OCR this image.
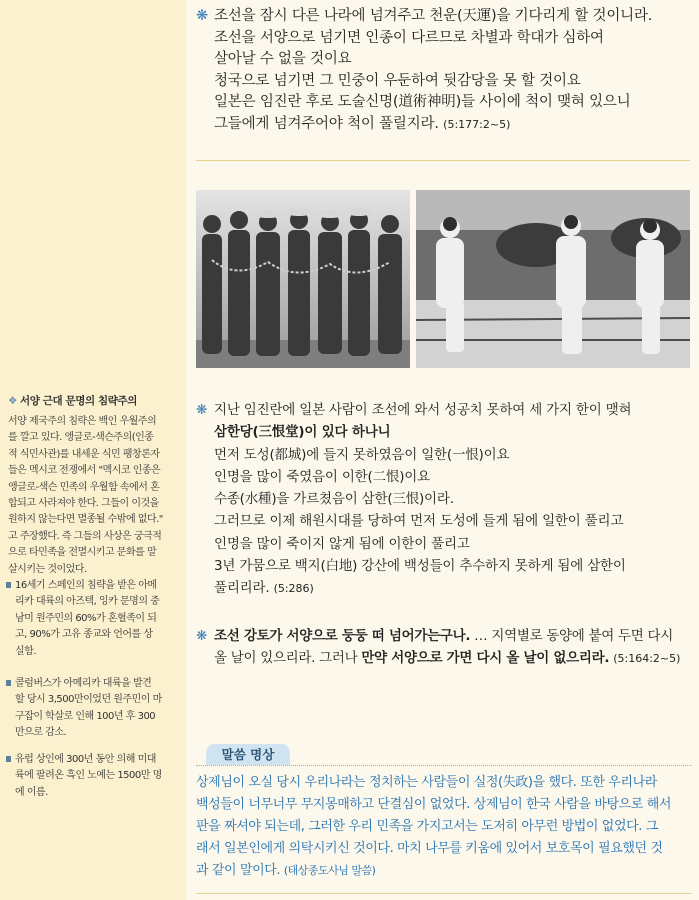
❋ 조선을 잠시 다른 나라에 넘겨주고 천운(天運)을 기다리게 할 것이니라.
조선을 서양으로 넘기면 인종이 다르므로 차별과 학대가 심하여
살아날 수 없을 것이요
청국으로 넘기면 그 민중이 우둔하여 뒷감당을 못 할 것이요
일본은 임진란 후로 도술신명(道術神明)들 사이에 척이 맺혀 있으니
그들에게 넘겨주어야 척이 풀릴지라. (5:177:2~5)
❋ 지난 임진란에 일본 사람이 조선에 와서 성공치 못하여 세 가지 한이 맺혀
삼한당(三恨堂)이 있다 하나니
먼저 도성(都城)에 들지 못하였음이 일한(一恨)이요
인명을 많이 죽였음이 이한(二恨)이요
수종(水種)을 가르쳤음이 삼한(三恨)이라.
그러므로 이제 해원시대를 당하여 먼저 도성에 들게 됨에 일한이 풀리고
인명을 많이 죽이지 않게 됨에 이한이 풀리고
3년 가뭄으로 백지(白地) 강산에 백성들이 추수하지 못하게 됨에 삼한이
풀리리라. (5:286)
❋ 조선 강토가 서양으로 둥둥 떠 넘어가는구나. … 지역별로 동양에 붙여 두면 다시
올 날이 있으리라. 그러나 만약 서양으로 가면 다시 올 날이 없으리라. (5:164:2~5)
말씀 명상
상제님이 오실 당시 우리나라는 정치하는 사람들이 실정(失政)을 했다. 또한 우리나라
백성들이 너무너무 무지몽매하고 단결심이 없었다. 상제님이 한국 사람을 바탕으로 해서
판을 짜셔야 되는데, 그러한 우리 민족을 가지고서는 도저히 아무런 방법이 없었다. 그
래서 일본인에게 의탁시키신 것이다. 마치 나무를 키움에 있어서 보호목이 필요했던 것
과 같이 말이다. (태상종도사님 말씀)
❖ 서양 근대 문명의 침략주의
서양 제국주의 침략은 백인 우월주의
를 깔고 있다. 앵글로-색슨주의(인종
적 식민사관)를 내세운 식민 팽창론자
들은 멕시코 전쟁에서 "멕시코 인종은
앵글로-색슨 민족의 우월함 속에서 혼
합되고 사라져야 한다. 그들이 이것을
원하지 않는다면 멸종될 수밖에 없다."
고 주장했다. 즉 그들의 사상은 궁극적
으로 타민족을 전멸시키고 문화를 말
살시키는 것이었다.
16세기 스페인의 침략을 받은 아메
리카 대륙의 아즈텍, 잉카 문명의 중
남미 원주민의 60%가 혼혈족이 되
고, 90%가 고유 종교와 언어를 상
실함.
콜럼버스가 아메리카 대륙을 발견
할 당시 3,500만이었던 원주민이 마
구잡이 학살로 인해 100년 후 300
만으로 감소.
유럽 상인에 300년 동안 의해 미대
륙에 팔려온 흑인 노예는 1500만 명
에 이름.
